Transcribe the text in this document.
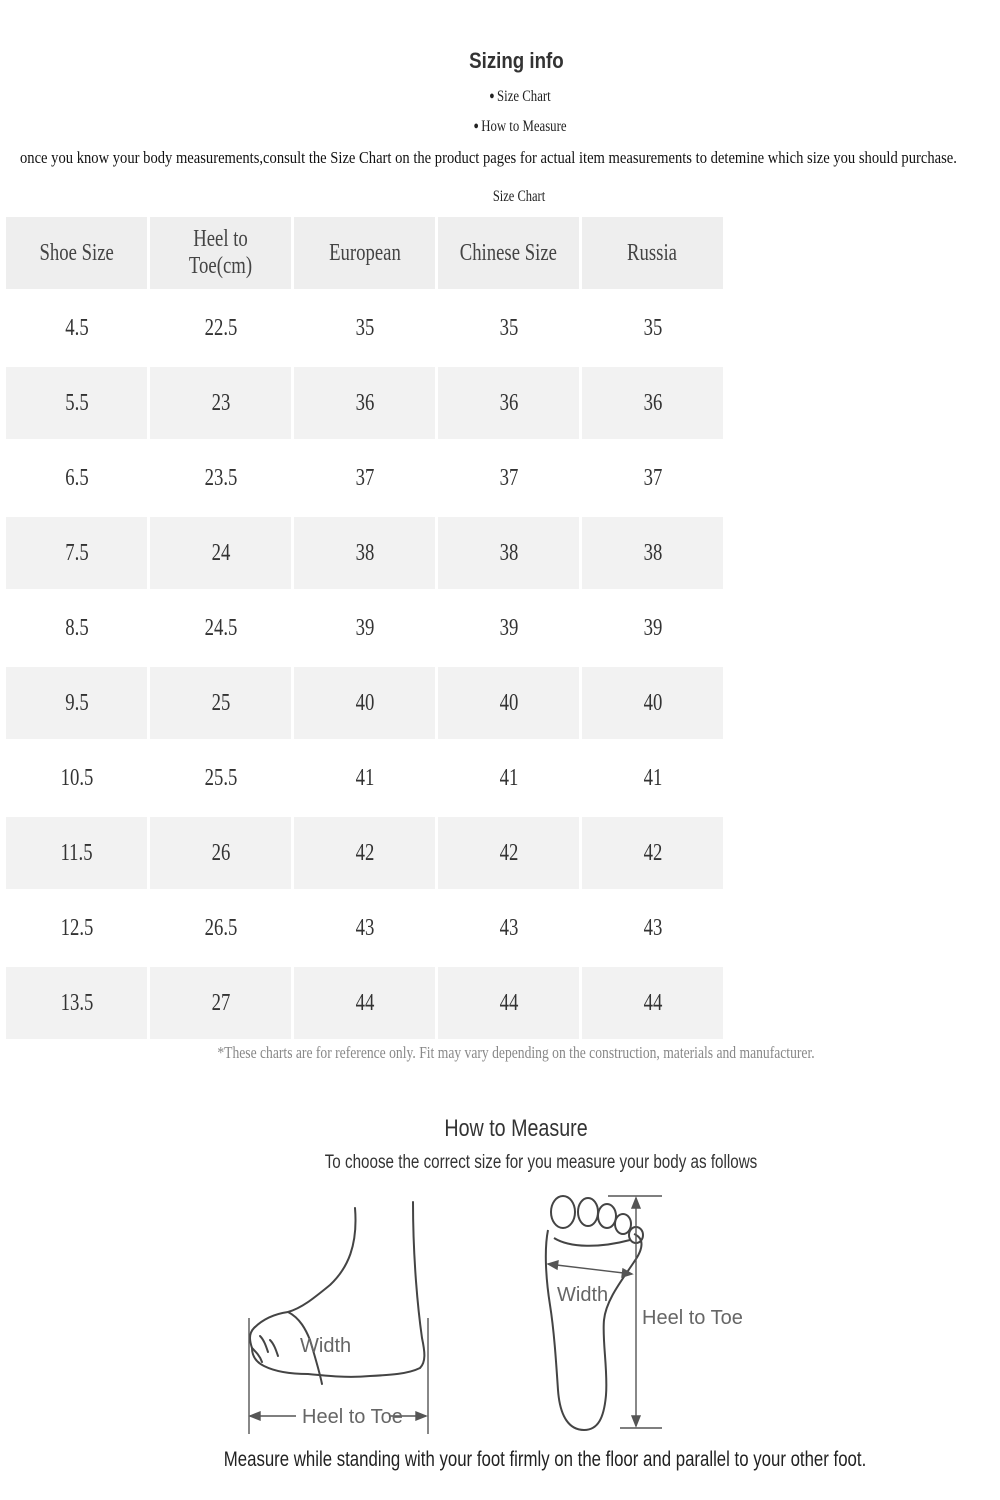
Sizing info
● Size Chart
● How to Measure
once you know your body measurements,consult the Size Chart on the product pages for actual item measurements to detemine which size you should purchase.
Size Chart
Shoe Size	Heel to Toe(cm)	European	Chinese Size	Russia
4.5	22.5	35	35	35
5.5	23	36	36	36
6.5	23.5	37	37	37
7.5	24	38	38	38
8.5	24.5	39	39	39
9.5	25	40	40	40
10.5	25.5	41	41	41
11.5	26	42	42	42
12.5	26.5	43	43	43
13.5	27	44	44	44
*These charts are for reference only. Fit may vary depending on the construction, materials and manufacturer.
How to Measure
To choose the correct size for you measure your body as follows
Width
Heel to Toe
Width
Heel to Toe
Measure while standing with your foot firmly on the floor and parallel to your other foot.
